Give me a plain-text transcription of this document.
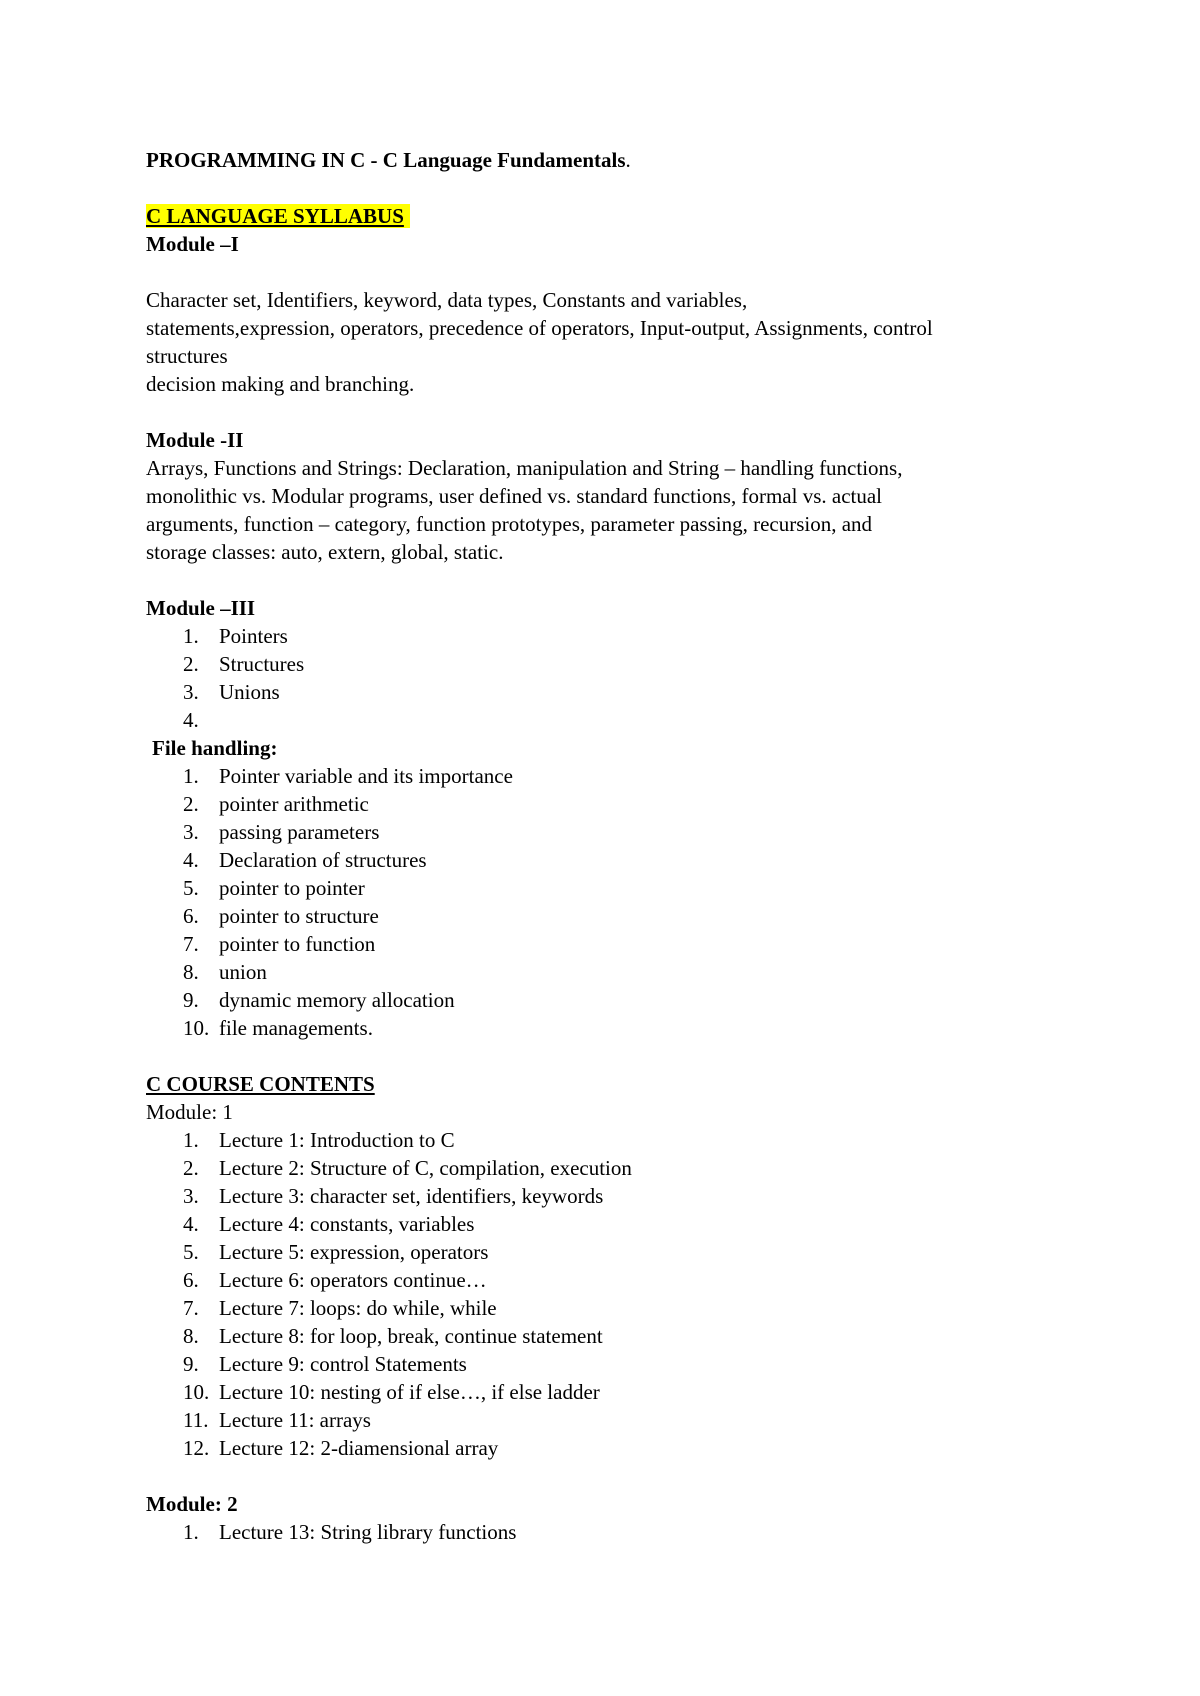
PROGRAMMING IN C - C Language Fundamentals.

C LANGUAGE SYLLABUS

Module –I

Character set, Identifiers, keyword, data types, Constants and variables,

statements,expression, operators, precedence of operators, Input-output, Assignments, control

structures

decision making and branching.

Module -II

Arrays, Functions and Strings: Declaration, manipulation and String – handling functions,

monolithic vs. Modular programs, user defined vs. standard functions, formal vs. actual

arguments, function – category, function prototypes, parameter passing, recursion, and

storage classes: auto, extern, global, static.

Module –III

1. Pointers
2. Structures
3. Unions
4.

File handling:

1. Pointer variable and its importance
2. pointer arithmetic
3. passing parameters
4. Declaration of structures
5. pointer to pointer
6. pointer to structure
7. pointer to function
8. union
9. dynamic memory allocation
10. file managements.

C COURSE CONTENTS

Module: 1

1. Lecture 1: Introduction to C
2. Lecture 2: Structure of C, compilation, execution
3. Lecture 3: character set, identifiers, keywords
4. Lecture 4: constants, variables
5. Lecture 5: expression, operators
6. Lecture 6: operators continue…
7. Lecture 7: loops: do while, while
8. Lecture 8: for loop, break, continue statement
9. Lecture 9: control Statements
10. Lecture 10: nesting of if else…, if else ladder
11. Lecture 11: arrays
12. Lecture 12: 2-diamensional array

Module: 2

1. Lecture 13: String library functions
